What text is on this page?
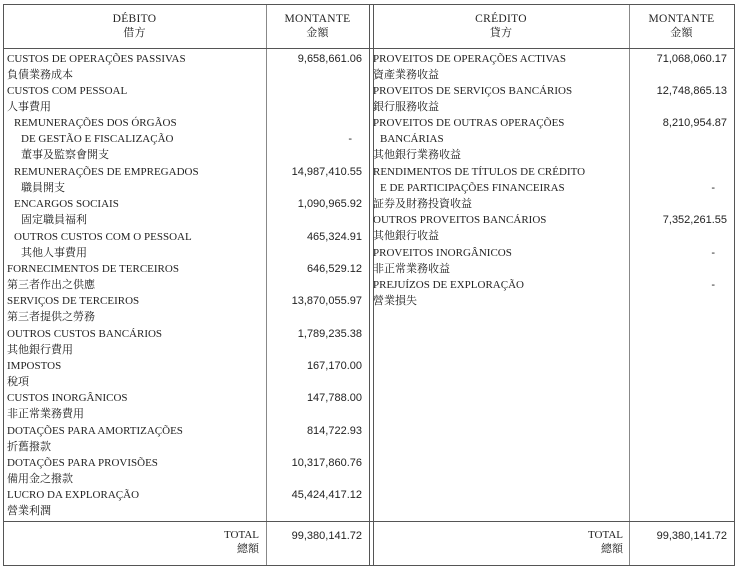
DÉBITO
借方
MONTANTE
金額
CRÉDITO
貸方
MONTANTE
金額
CUSTOS DE OPERAÇÕES PASSIVAS
負債業務成本
9,658,661.06
CUSTOS COM PESSOAL
人事費用
REMUNERAÇÕES DOS ÓRGÃOS
DE GESTÃO E FISCALIZAÇÃO
董事及監察會開支
-
REMUNERAÇÕES DE EMPREGADOS
職員開支
14,987,410.55
ENCARGOS SOCIAIS
固定職員福利
1,090,965.92
OUTROS CUSTOS COM O PESSOAL
其他人事費用
465,324.91
FORNECIMENTOS DE TERCEIROS
第三者作出之供應
646,529.12
SERVIÇOS DE TERCEIROS
第三者提供之勞務
13,870,055.97
OUTROS CUSTOS BANCÁRIOS
其他銀行費用
1,789,235.38
IMPOSTOS
稅項
167,170.00
CUSTOS INORGÂNICOS
非正常業務費用
147,788.00
DOTAÇÕES PARA AMORTIZAÇÕES
折舊撥款
814,722.93
DOTAÇÕES PARA PROVISÕES
備用金之撥款
10,317,860.76
LUCRO DA EXPLORAÇÃO
營業利潤
45,424,417.12
PROVEITOS DE OPERAÇÕES ACTIVAS
資產業務收益
71,068,060.17
PROVEITOS DE SERVIÇOS BANCÁRIOS
銀行服務收益
12,748,865.13
PROVEITOS DE OUTRAS OPERAÇÕES
BANCÁRIAS
其他銀行業務收益
8,210,954.87
RENDIMENTOS DE TÍTULOS DE CRÉDITO
E DE PARTICIPAÇÕES FINANCEIRAS
証券及財務投資收益
-
OUTROS PROVEITOS BANCÁRIOS
其他銀行收益
7,352,261.55
PROVEITOS INORGÂNICOS
非正常業務收益
-
PREJUÍZOS DE EXPLORAÇÃO
營業損失
-
TOTAL
總額
99,380,141.72	TOTAL
總額
99,380,141.72
